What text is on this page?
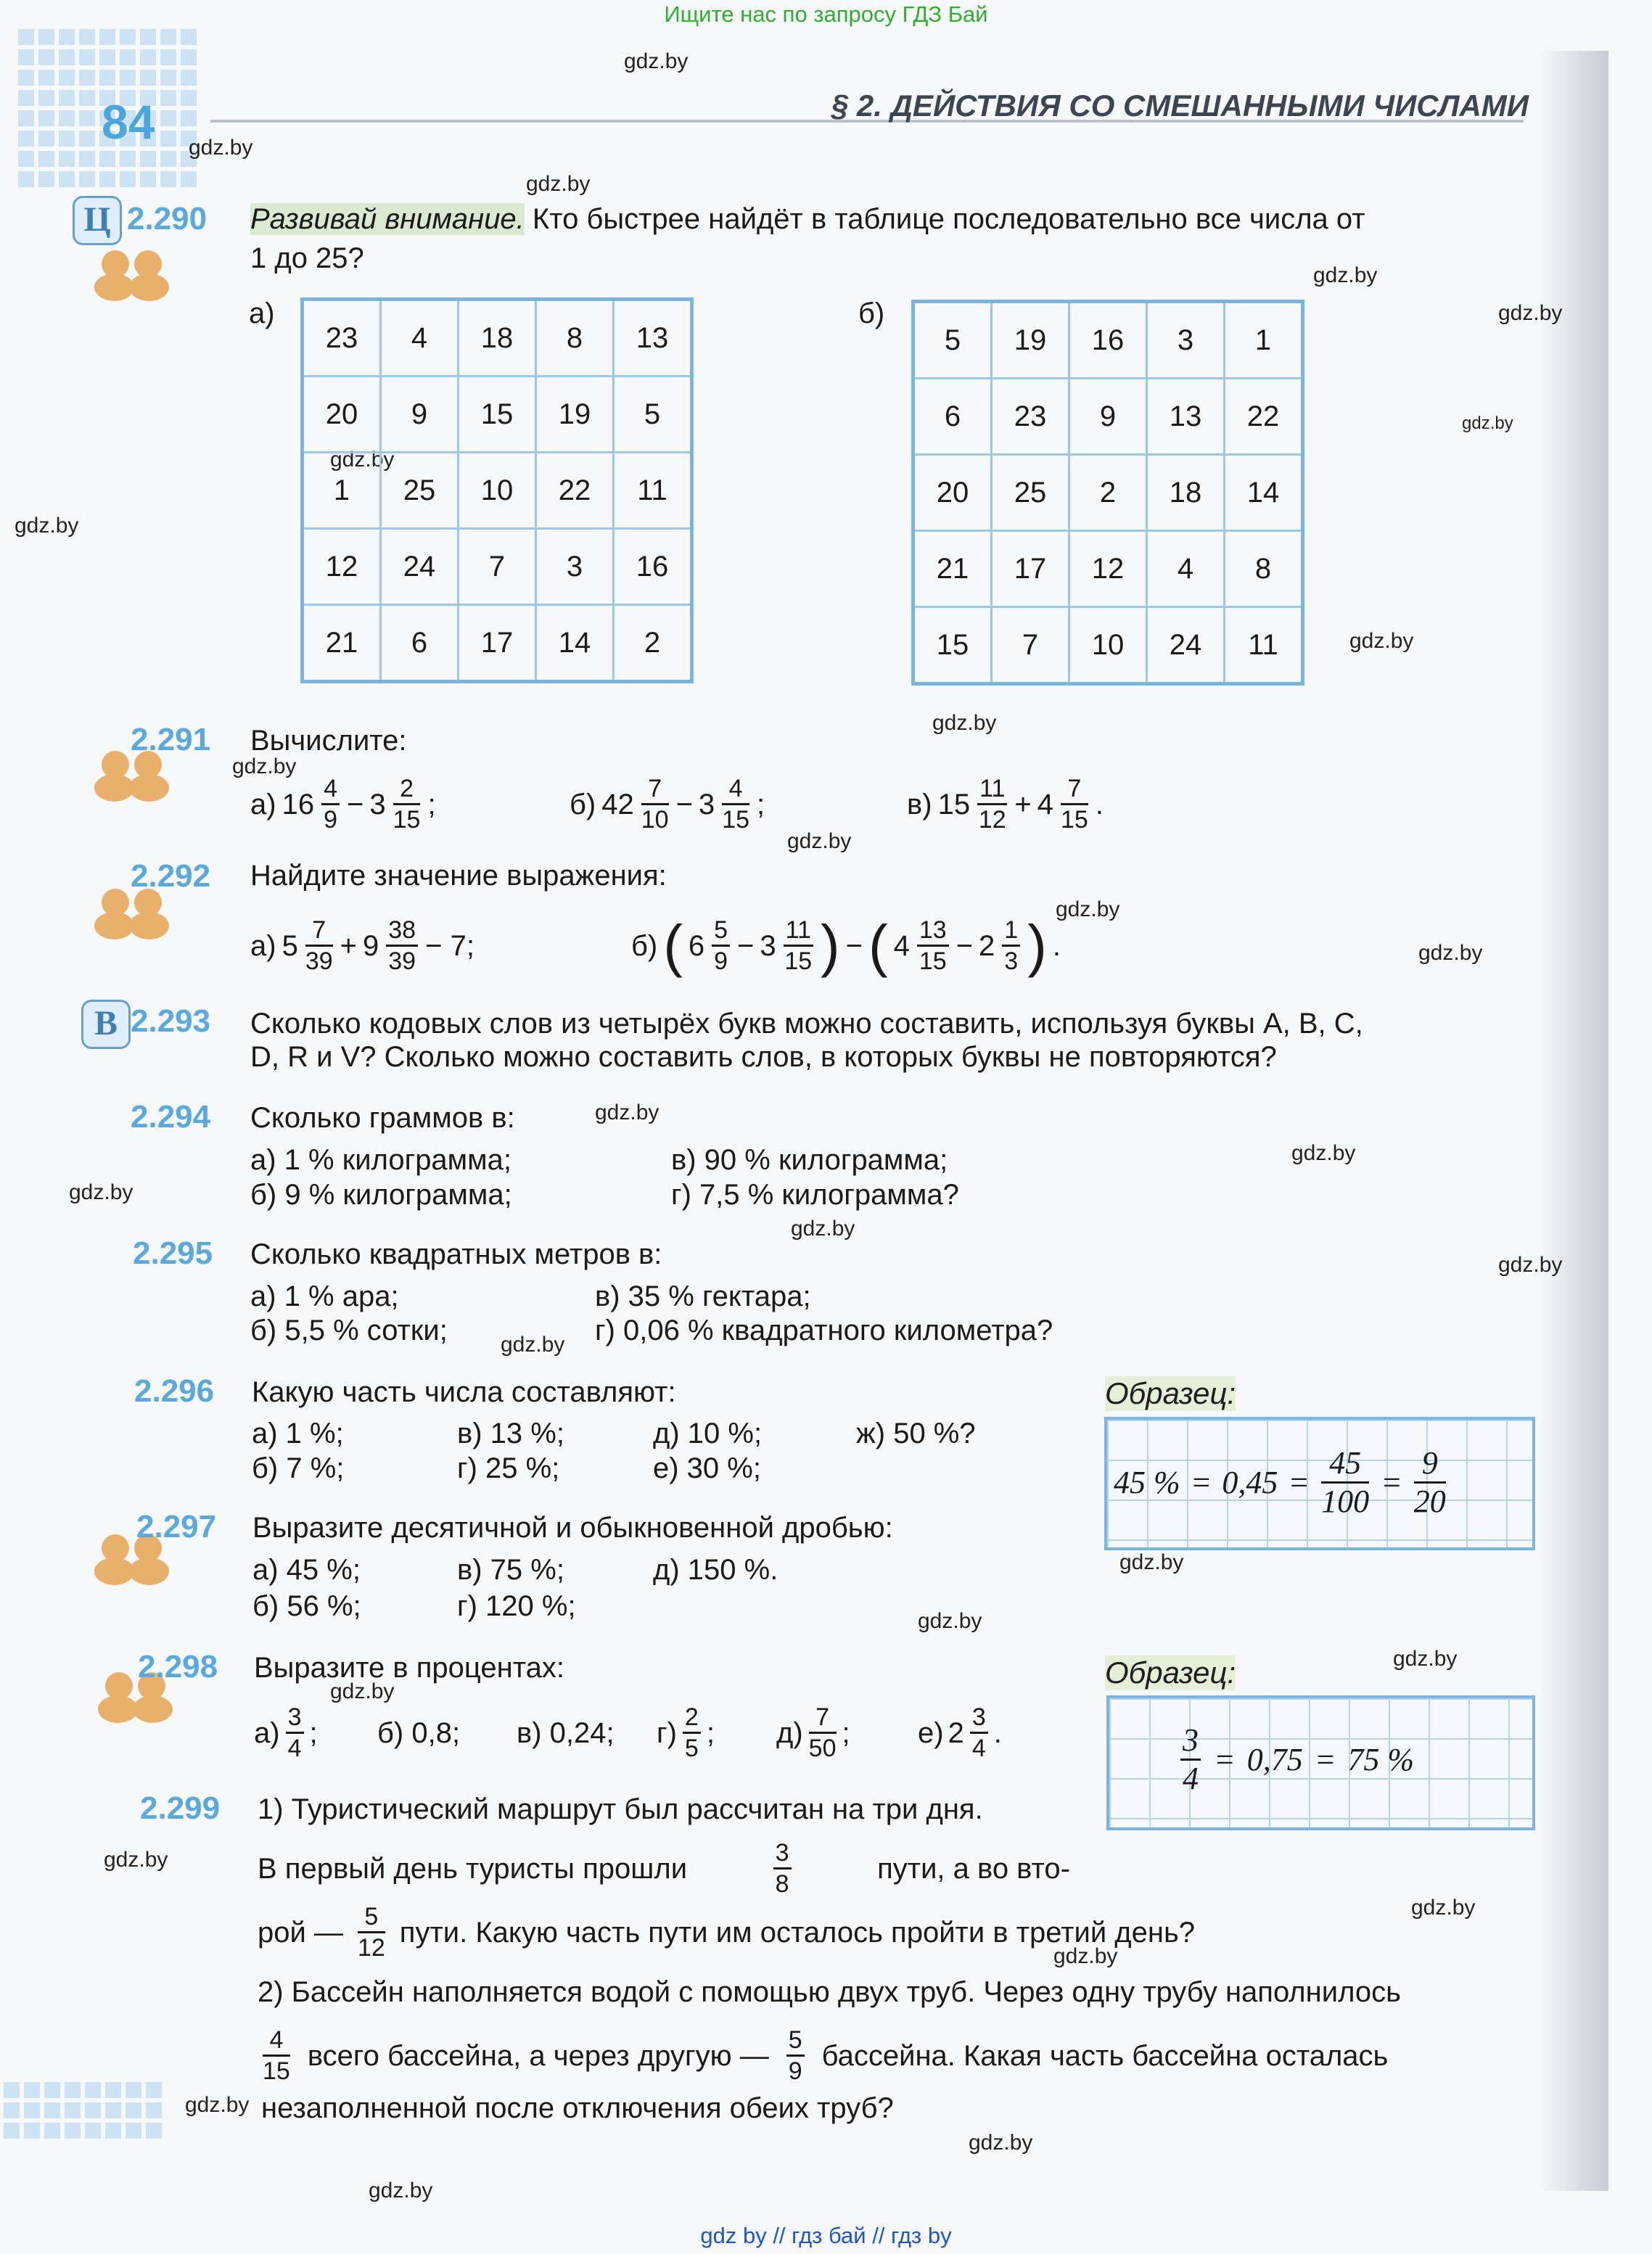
Ищите нас по запросу ГДЗ Бай
gdz by // гдз бай // гдз by
84	§ 2. ДЕЙСТВИЯ СО СМЕШАННЫМИ ЧИСЛАМИ
gdz.by
gdz.by
gdz.by
gdz.by
gdz.by
gdz.by
gdz.by
gdz.by
gdz.by
gdz.by
gdz.by
gdz.by
gdz.by
gdz.by
gdz.by
gdz.by
gdz.by
gdz.by
gdz.by
gdz.by
gdz.by
gdz.by
gdz.by
gdz.by
gdz.by
gdz.by
gdz.by
gdz.by
gdz.by
gdz.by
Ц 2.290 Развивай внимание. Кто быстрее найдёт в таблице последовательно все числа от
1 до 25?
а)	б)
23	4	18	8	13
20	9	15	19	5
1	25	10	22	11
12	24	7	3	16
21	6	17	14	2
5	19	16	3	1
6	23	9	13	22
20	25	2	18	14
21	17	12	4	8
15	7	10	24	11
2.291 Вычислите:
а) $16 \frac{4}{9} - 3 \frac{2}{15}$ ;	б) $42 \frac{7}{10} - 3 \frac{4}{15}$ ;	в) $15 \frac{11}{12} + 4 \frac{7}{15}$ .
2.292 Найдите значение выражения:
а) $5 \frac{7}{39} + 9 \frac{38}{39} - 7$;	б) ( $6 \frac{5}{9} - 3 \frac{11}{15}$ ) − ( $4 \frac{13}{15} - 2 \frac{1}{3}$ ) .
В 2.293 Сколько кодовых слов из четырёх букв можно составить, используя буквы A, B, C,
D, R и V? Сколько можно составить слов, в которых буквы не повторяются?
2.294 Сколько граммов в:
а) 1 % килограмма;
б) 9 % килограмма;
в) 90 % килограмма;
г) 7,5 % килограмма?
2.295 Сколько квадратных метров в:
а) 1 % ара;
б) 5,5 % сотки;
в) 35 % гектара;
г) 0,06 % квадратного километра?
2.296 Какую часть числа составляют:
а) 1 %;	в) 13 %;	д) 10 %;	ж) 50 %?
б) 7 %;	г) 25 %;	е) 30 %;
Образец:
45 % = $0,45 = \frac{45}{100} = \frac{9}{20}$
2.297 Выразите десятичной и обыкновенной дробью:
а) 45 %;	в) 75 %;	д) 150 %.
б) 56 %;	г) 120 %;
2.298 Выразите в процентах:
$а) \frac{3}{4}$ ; б) 0,8; в) 0,24; $г) \frac{2}{5}$ ; $д) \frac{7}{50}$ ; е) $2 \frac{3}{4}$ .
Образец:
$\frac{3}{4} = 0,75 = 75$ %
2.299 1) Туристический маршрут был рассчитан на три дня.
В первый день туристы прошли	$\frac{3}{8}$	пути, а во вто-
рой — $\frac{5}{12}$ пути. Какую часть пути им осталось пройти в третий день?
2) Бассейн наполняется водой с помощью двух труб. Через одну трубу наполнилось
$\frac{4}{15}$ всего бассейна, а через другую — $\frac{5}{9}$ бассейна. Какая часть бассейна осталась
незаполненной после отключения обеих труб?
